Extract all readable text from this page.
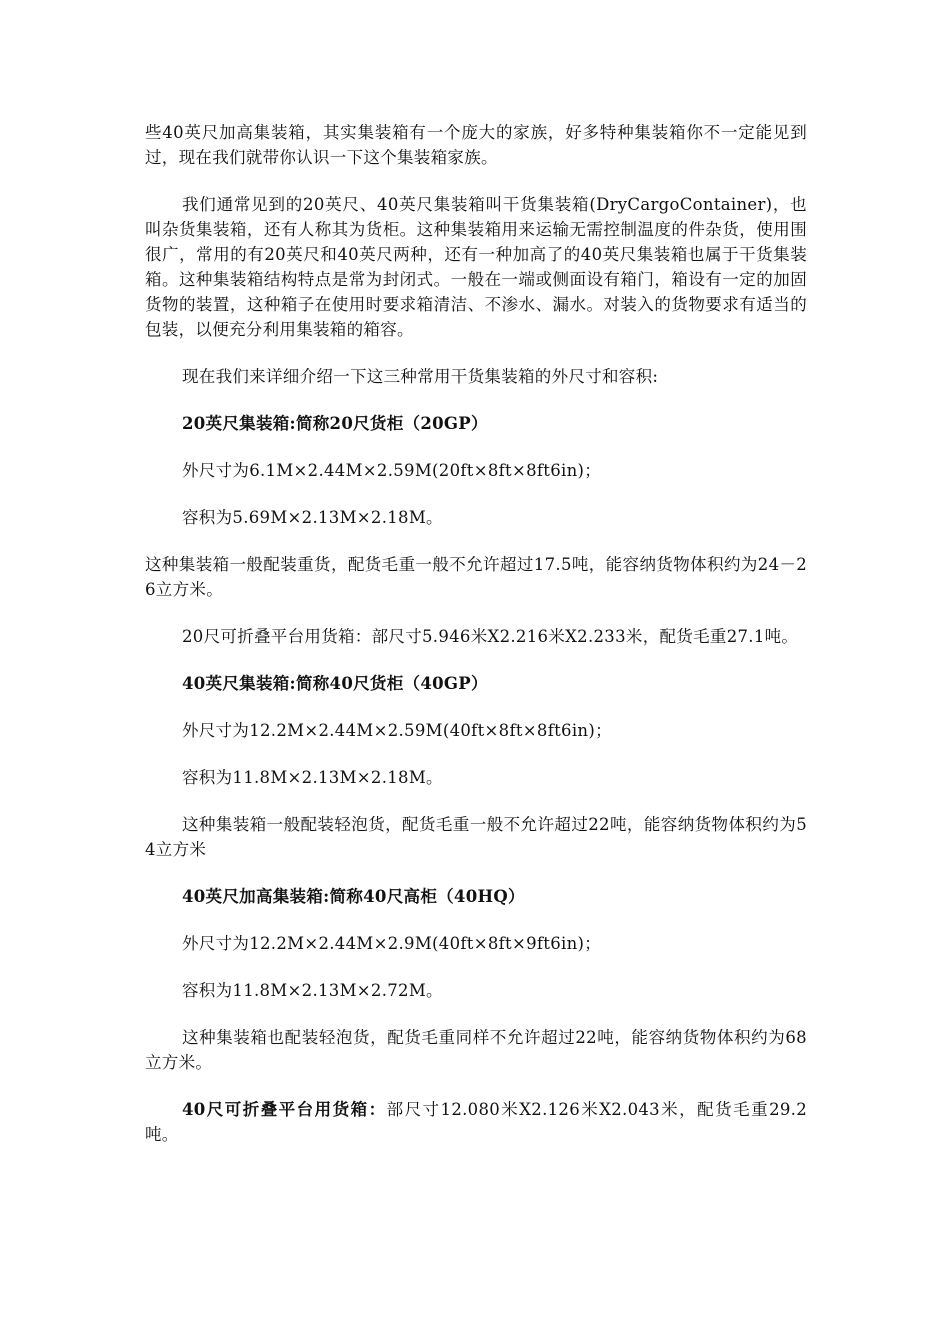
些40英尺加高集装箱，其实集装箱有一个庞大的家族，好多特种集装箱你不一定能见到过，现在我们就带你认识一下这个集装箱家族。

我们通常见到的20英尺、40英尺集装箱叫干货集装箱(DryCargoContainer)，也叫杂货集装箱，还有人称其为货柜。这种集装箱用来运输无需控制温度的件杂货，使用围很广，常用的有20英尺和40英尺两种，还有一种加高了的40英尺集装箱也属于干货集装箱。这种集装箱结构特点是常为封闭式。一般在一端或侧面设有箱门，箱设有一定的加固货物的装置，这种箱子在使用时要求箱清洁、不渗水、漏水。对装入的货物要求有适当的包装，以便充分利用集装箱的箱容。

现在我们来详细介绍一下这三种常用干货集装箱的外尺寸和容积:

20英尺集装箱:简称20尺货柜（20GP）

外尺寸为6.1M×2.44M×2.59M(20ft×8ft×8ft6in)；

容积为5.69M×2.13M×2.18M。

这种集装箱一般配装重货，配货毛重一般不允许超过17.5吨，能容纳货物体积约为24－26立方米。

20尺可折叠平台用货箱：部尺寸5.946米X2.216米X2.233米，配货毛重27.1吨。

40英尺集装箱:简称40尺货柜（40GP）

外尺寸为12.2M×2.44M×2.59M(40ft×8ft×8ft6in)；

容积为11.8M×2.13M×2.18M。

这种集装箱一般配装轻泡货，配货毛重一般不允许超过22吨，能容纳货物体积约为54立方米

40英尺加高集装箱:简称40尺高柜（40HQ）

外尺寸为12.2M×2.44M×2.9M(40ft×8ft×9ft6in)；

容积为11.8M×2.13M×2.72M。

这种集装箱也配装轻泡货，配货毛重同样不允许超过22吨，能容纳货物体积约为68立方米。

40尺可折叠平台用货箱：部尺寸12.080米X2.126米X2.043米，配货毛重29.2吨。
